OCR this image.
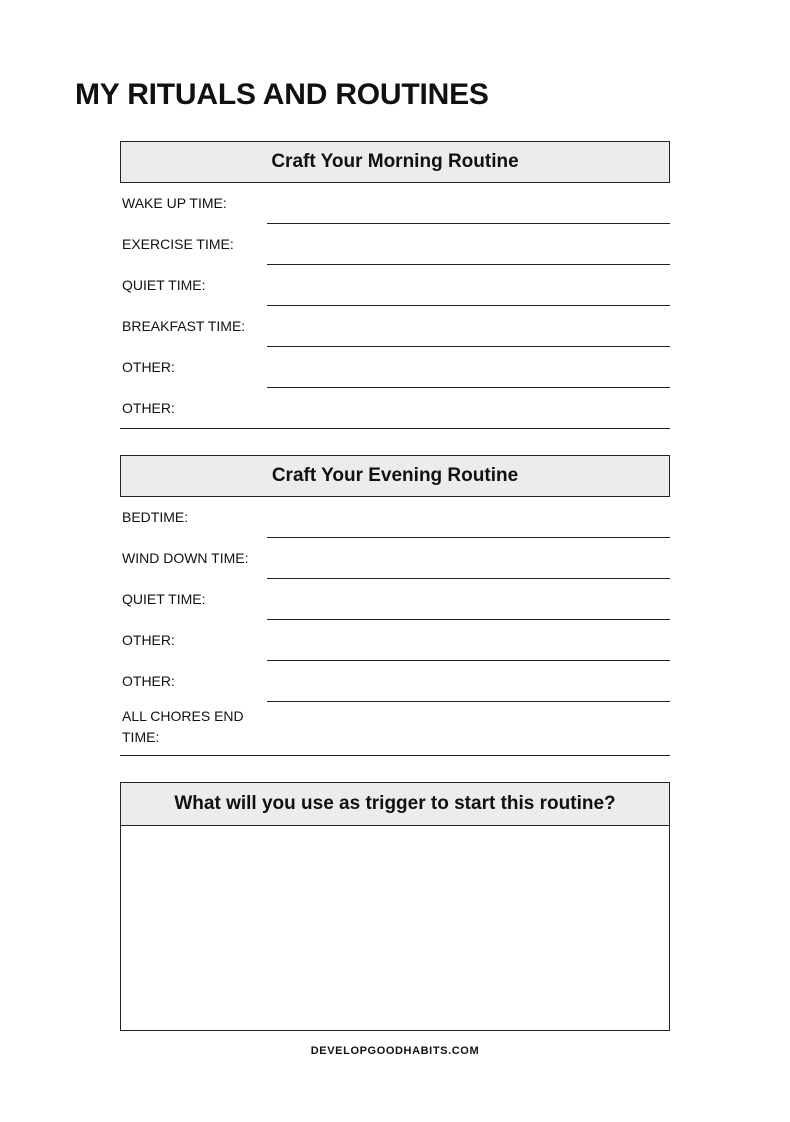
MY RITUALS AND ROUTINES
Craft Your Morning Routine
WAKE UP TIME:
EXERCISE TIME:
QUIET TIME:
BREAKFAST TIME:
OTHER:
OTHER:
Craft Your Evening Routine
BEDTIME:
WIND DOWN TIME:
QUIET TIME:
OTHER:
OTHER:
ALL CHORES END TIME:
What will you use as trigger to start this routine?
DEVELOPGOODHABITS.COM
